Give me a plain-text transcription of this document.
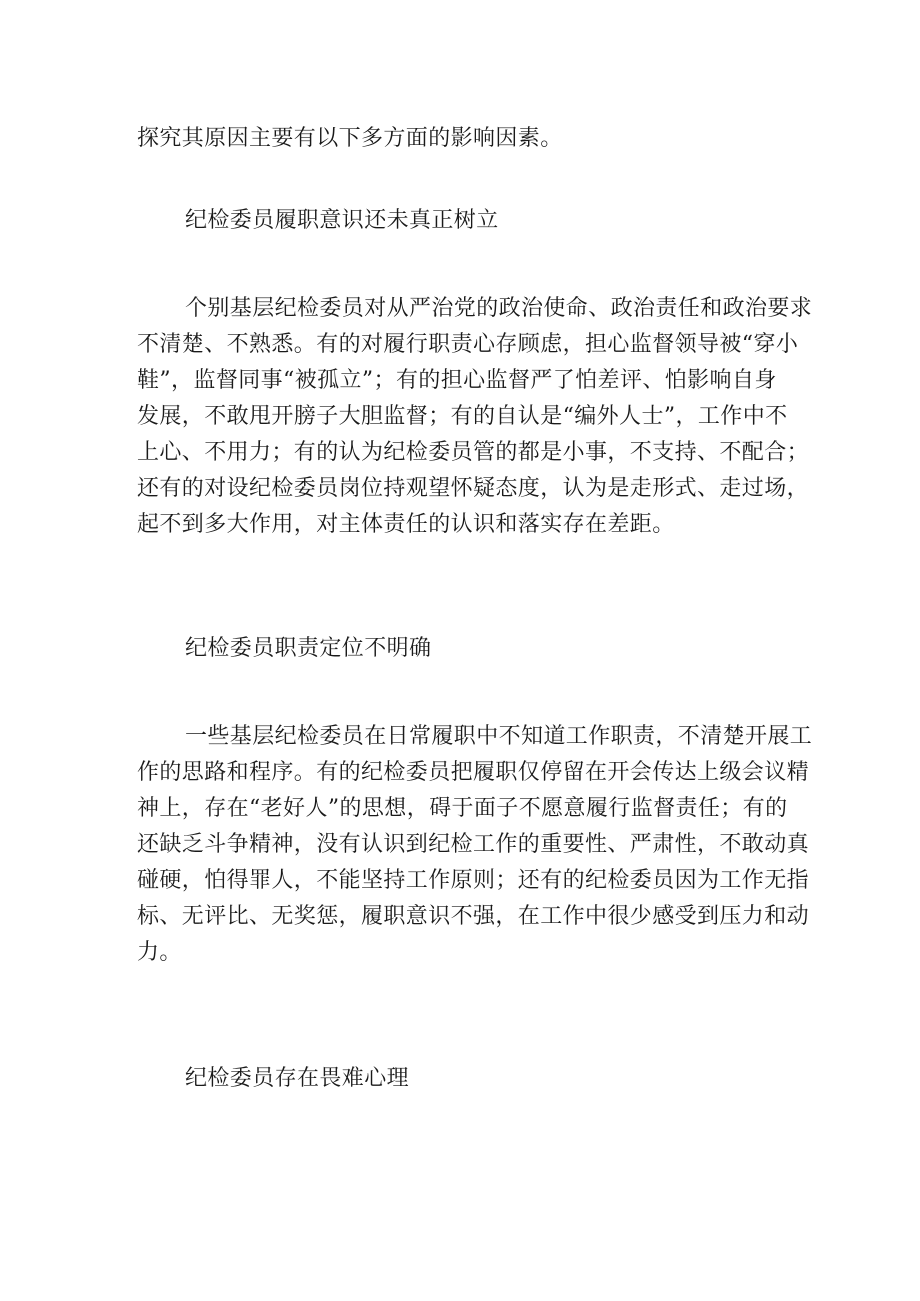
探究其原因主要有以下多方面的影响因素。
纪检委员履职意识还未真正树立
个别基层纪检委员对从严治党的政治使命、政治责任和政治要求
不清楚、不熟悉。有的对履行职责心存顾虑，担心监督领导被“穿小
鞋”，监督同事“被孤立”；有的担心监督严了怕差评、怕影响自身
发展，不敢甩开膀子大胆监督；有的自认是“编外人士”，工作中不
上心、不用力；有的认为纪检委员管的都是小事，不支持、不配合；
还有的对设纪检委员岗位持观望怀疑态度，认为是走形式、走过场，
起不到多大作用，对主体责任的认识和落实存在差距。
纪检委员职责定位不明确
一些基层纪检委员在日常履职中不知道工作职责，不清楚开展工
作的思路和程序。有的纪检委员把履职仅停留在开会传达上级会议精
神上，存在“老好人”的思想，碍于面子不愿意履行监督责任；有的
还缺乏斗争精神，没有认识到纪检工作的重要性、严肃性，不敢动真
碰硬，怕得罪人，不能坚持工作原则；还有的纪检委员因为工作无指
标、无评比、无奖惩，履职意识不强，在工作中很少感受到压力和动
力。
纪检委员存在畏难心理
